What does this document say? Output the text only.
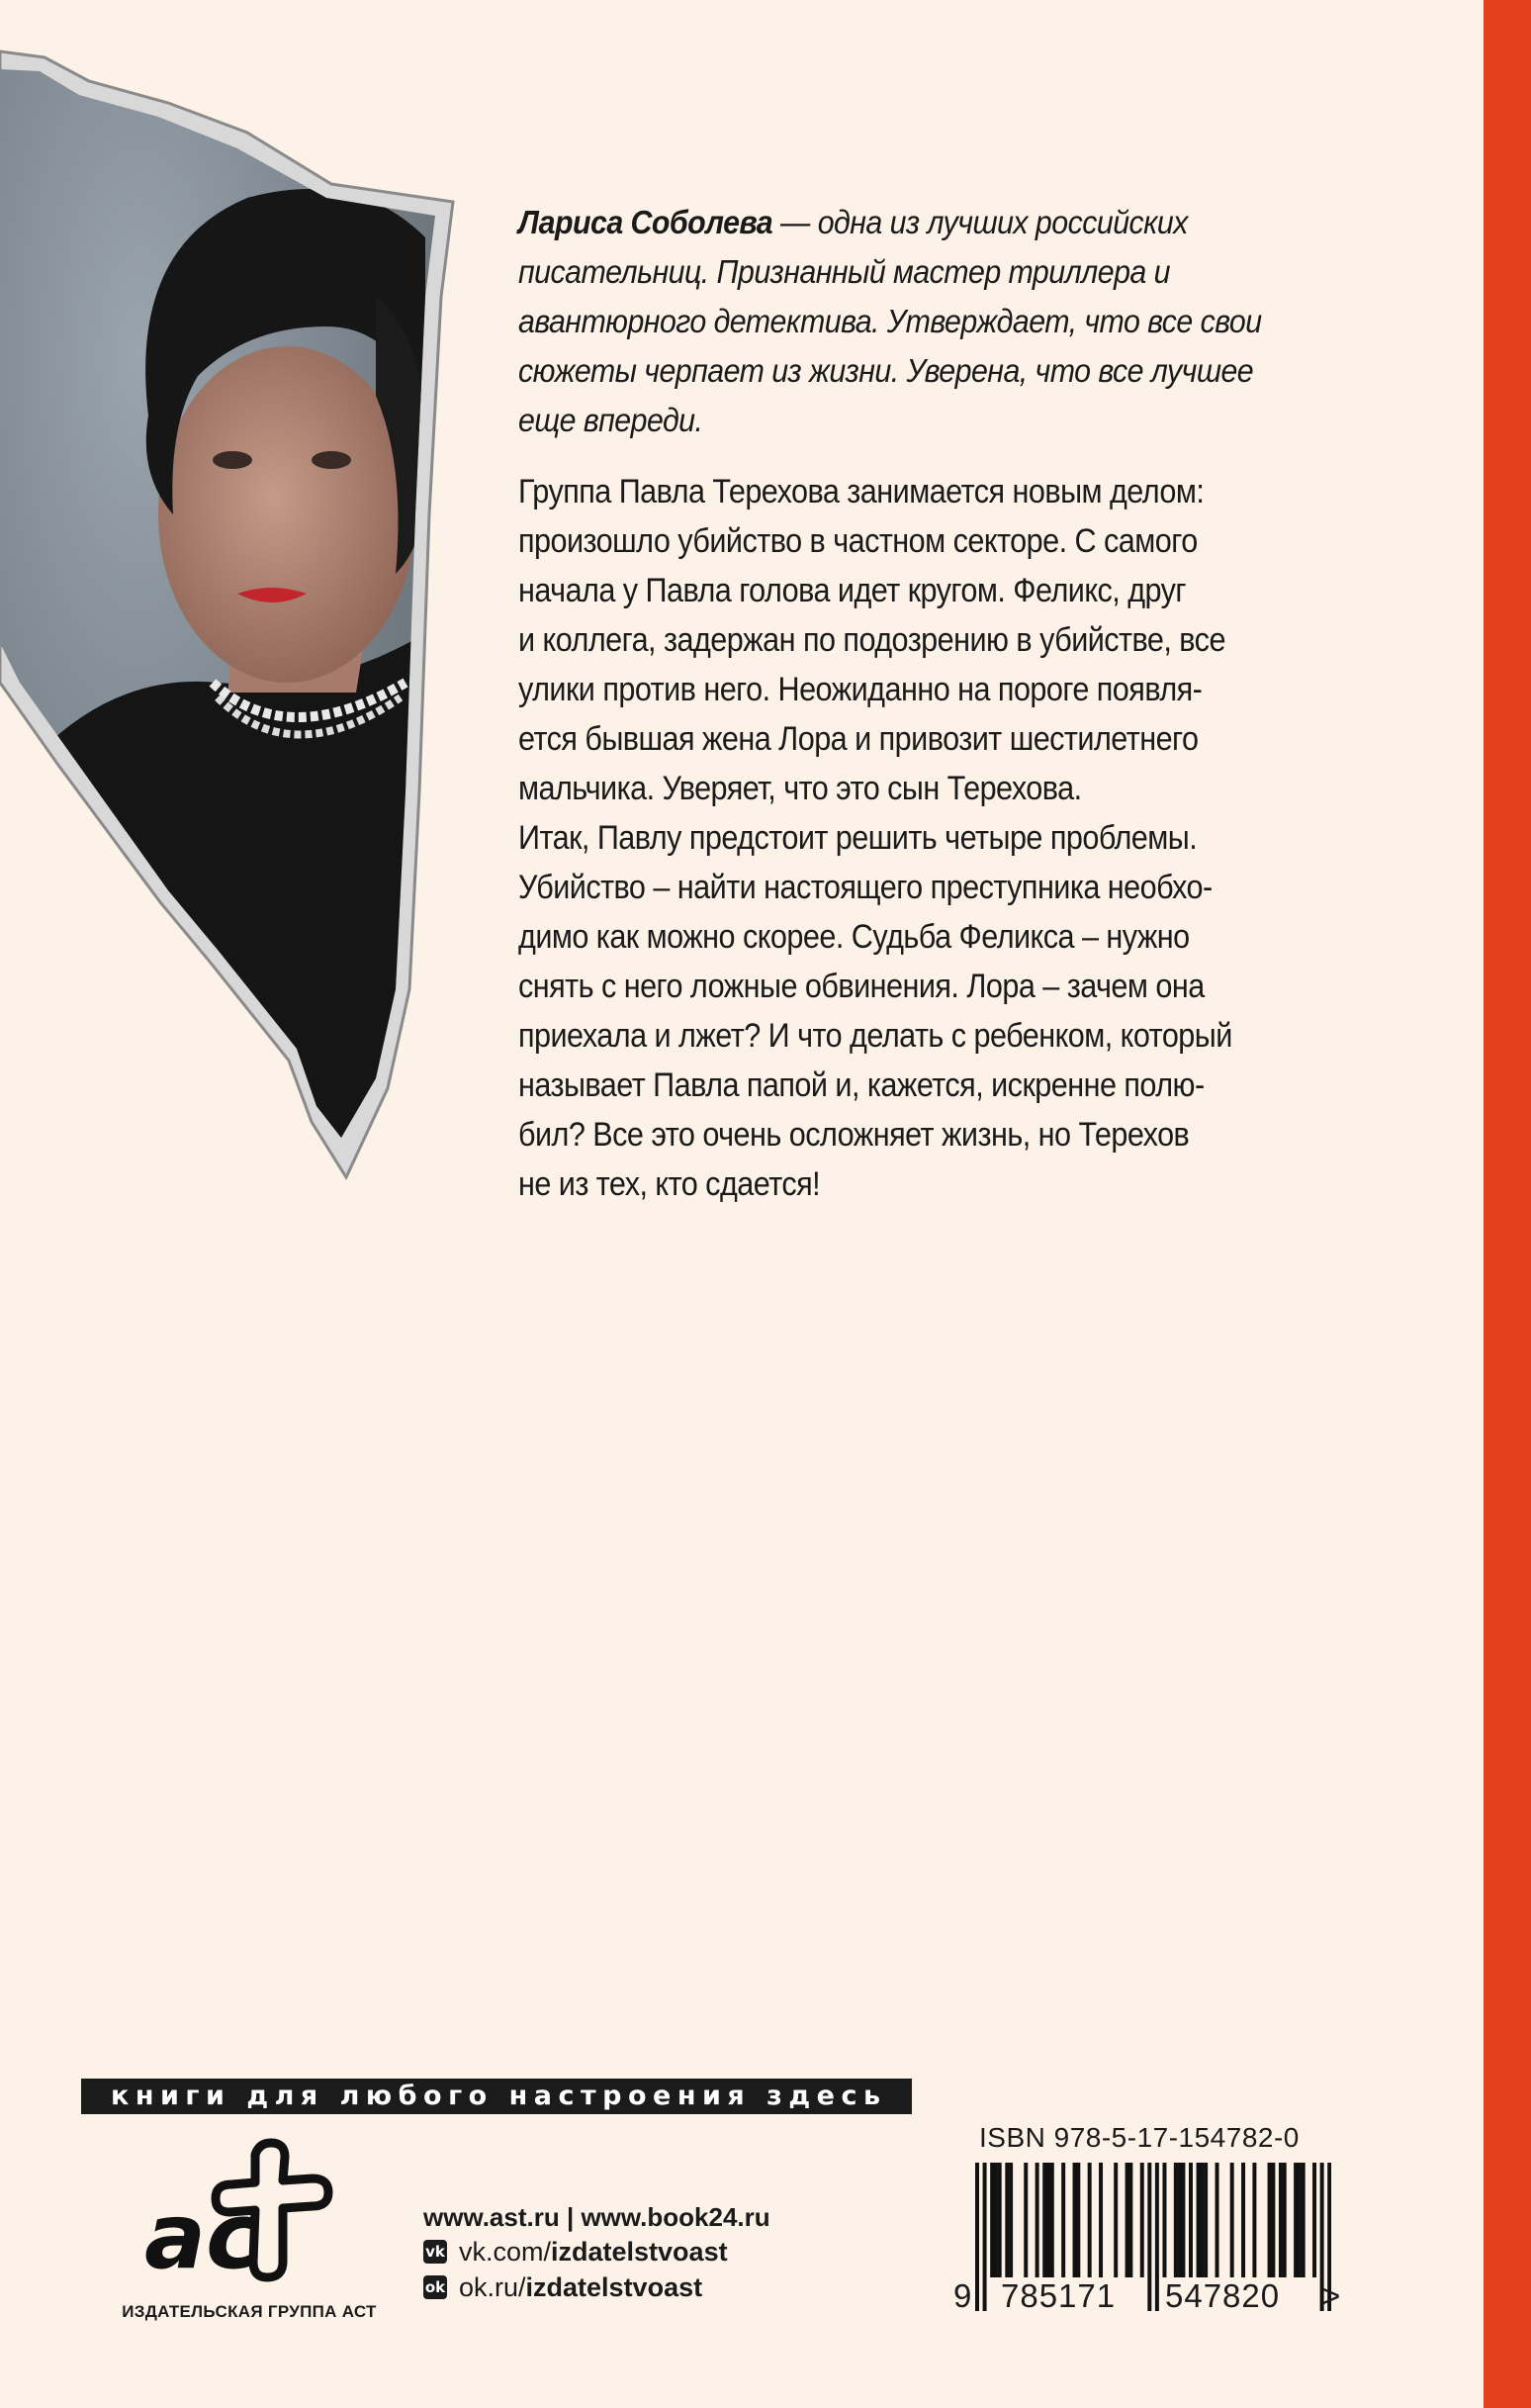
Лариса Соболева — одна из лучших российских писательниц. Признанный мастер триллера и авантюрного детектива. Утверждает, что все свои сюжеты черпает из жизни. Уверена, что все лучшее еще впереди.

Группа Павла Терехова занимается новым делом:
произошло убийство в частном секторе. С самого
начала у Павла голова идет кругом. Феликс, друг
и коллега, задержан по подозрению в убийстве, все
улики против него. Неожиданно на пороге появля-
ется бывшая жена Лора и привозит шестилетнего
мальчика. Уверяет, что это сын Терехова.
Итак, Павлу предстоит решить четыре проблемы.
Убийство – найти настоящего преступника необхо-
димо как можно скорее. Судьба Феликса – нужно
снять с него ложные обвинения. Лора – зачем она
приехала и лжет? И что делать с ребенком, который
называет Павла папой и, кажется, искренне полю-
бил? Все это очень осложняет жизнь, но Терехов
не из тех, кто сдается!
книги для любого настроения здесь
ас
ИЗДАТЕЛЬСКАЯ ГРУППА АСТ
www.ast.ru | www.book24.ru
vk vk.com/ izdatelstvoast
ok ok.ru/ izdatelstvoast
ISBN 978-5-17-154782-0
9 785171 547820 >
